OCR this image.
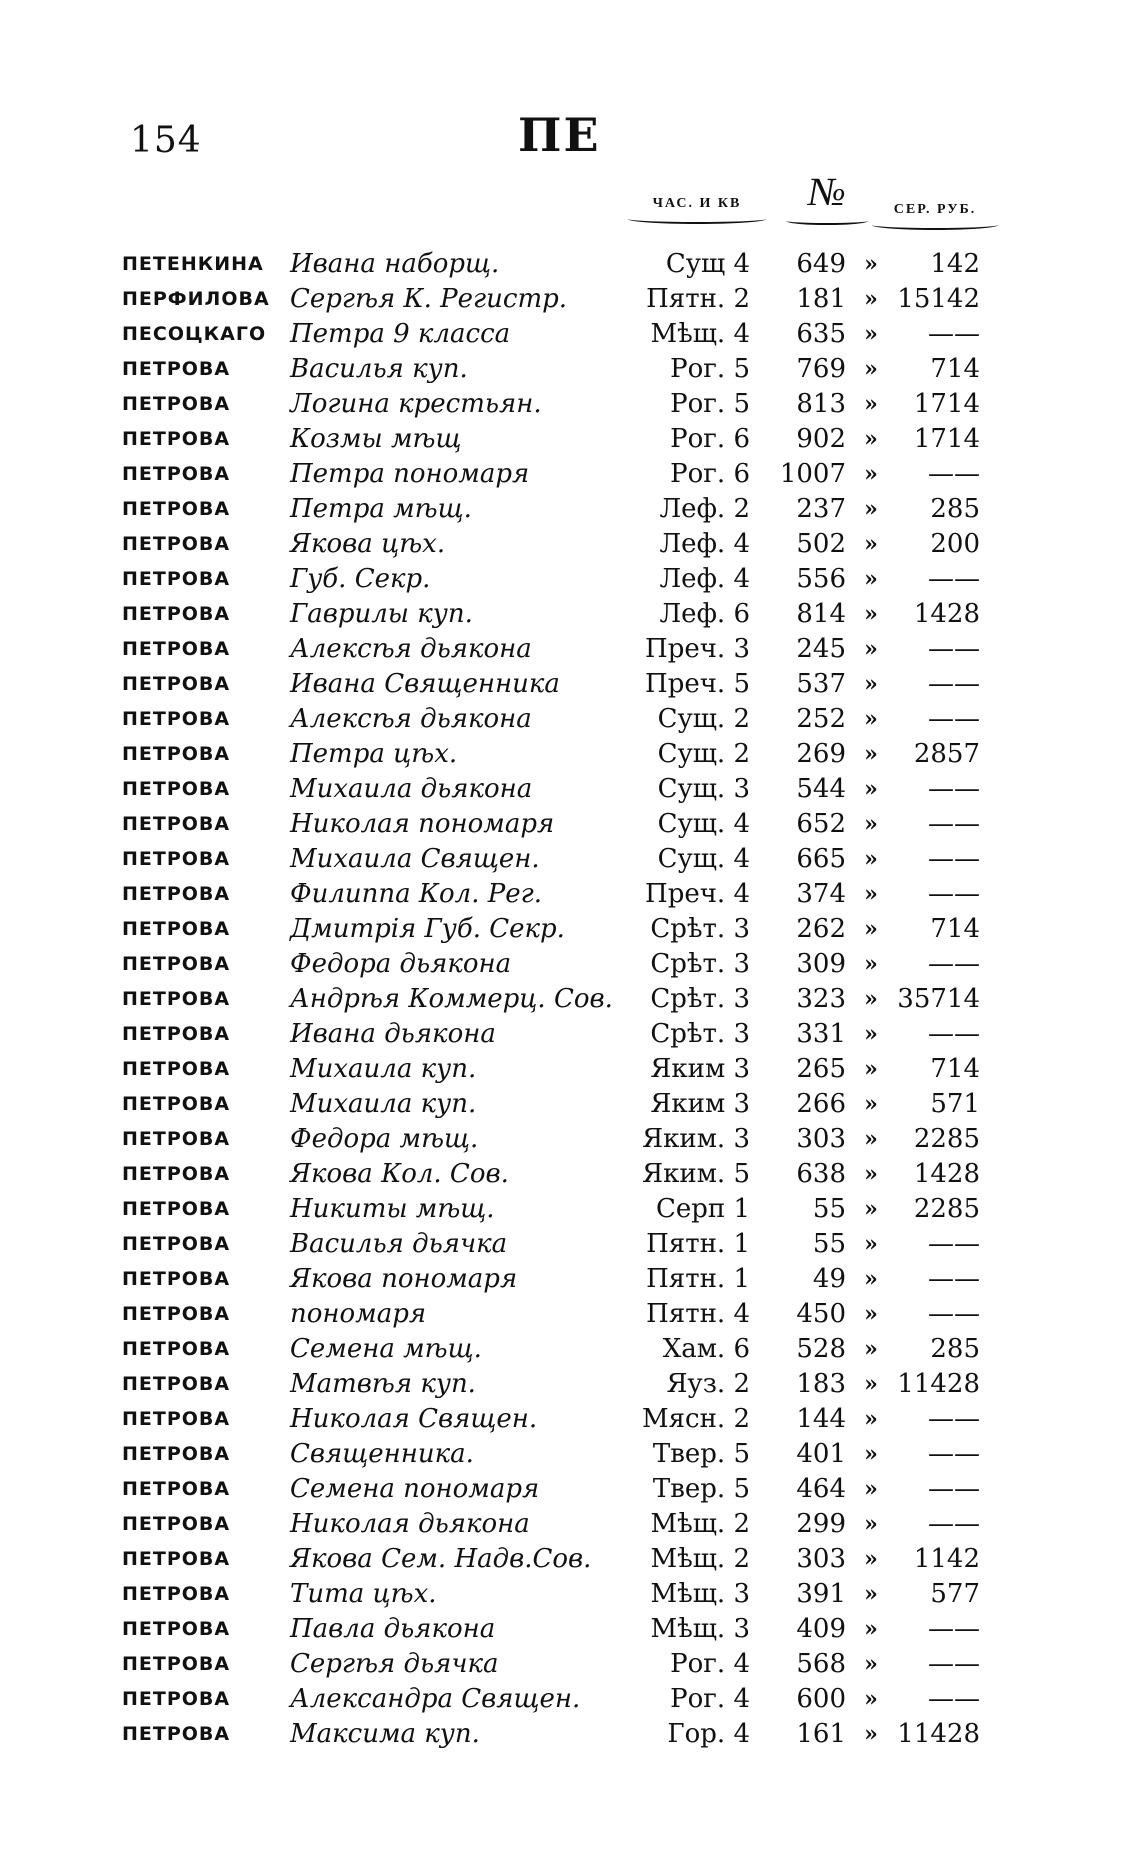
154	ПЕ
ЧАС. И КВ	№	СЕР. РУБ.
ПЕТЕНКИНА Ивана наборщ.	Сущ 4	649 »	142
ПЕРФИЛОВА Сергѣя К. Регистр.	Пятн. 2	181 » 15142
ПЕСОЦКАГО Петра 9 класса	Мѣщ. 4	635 »	——
ПЕТРОВА Василья куп.	Рог. 5	769 »	714
ПЕТРОВА Логина крестьян.	Рог. 5	813 »	1714
ПЕТРОВА Козмы мѣщ	Рог. 6	902 »	1714
ПЕТРОВА Петра пономаря	Рог. 6	1007 »	——
ПЕТРОВА Петра мѣщ.	Леф. 2	237 »	285
ПЕТРОВА Якова цѣх.	Леф. 4	502 »	200
ПЕТРОВА Губ. Секр.	Леф. 4	556 »	——
ПЕТРОВА Гаврилы куп.	Леф. 6	814 »	1428
ПЕТРОВА Алексѣя дьякона	Преч. 3	245 »	——
ПЕТРОВА Ивана Священника	Преч. 5	537 »	——
ПЕТРОВА Алексѣя дьякона	Сущ. 2	252 »	——
ПЕТРОВА Петра цѣх.	Сущ. 2	269 »	2857
ПЕТРОВА Михаила дьякона	Сущ. 3	544 »	——
ПЕТРОВА Николая пономаря	Сущ. 4	652 »	——
ПЕТРОВА Михаила Священ.	Сущ. 4	665 »	——
ПЕТРОВА Филиппа Кол. Рег.	Преч. 4	374 »	——
ПЕТРОВА Дмитрія Губ. Секр.	Срѣт. 3	262 »	714
ПЕТРОВА Федора дьякона	Срѣт. 3	309 »	——
ПЕТРОВА Андрѣя Коммерц. Сов.	Срѣт. 3	323 » 35714
ПЕТРОВА Ивана дьякона	Срѣт. 3	331 »	——
ПЕТРОВА Михаила куп.	Яким 3	265 »	714
ПЕТРОВА Михаила куп.	Яким 3	266 »	571
ПЕТРОВА Федора мѣщ.	Яким. 3	303 »	2285
ПЕТРОВА Якова Кол. Сов.	Яким. 5	638 »	1428
ПЕТРОВА Никиты мѣщ.	Серп 1	55 »	2285
ПЕТРОВА Василья дьячка	Пятн. 1	55 »	——
ПЕТРОВА Якова пономаря	Пятн. 1	49 »	——
ПЕТРОВА пономаря	Пятн. 4	450 »	——
ПЕТРОВА Семена мѣщ.	Хам. 6	528 »	285
ПЕТРОВА Матвѣя куп.	Яуз. 2	183 » 11428
ПЕТРОВА Николая Священ.	Мясн. 2	144 »	——
ПЕТРОВА Священника.	Твер. 5	401 »	——
ПЕТРОВА Семена пономаря	Твер. 5	464 »	——
ПЕТРОВА Николая дьякона	Мѣщ. 2	299 »	——
ПЕТРОВА Якова Сем. Надв.Сов.	Мѣщ. 2	303 »	1142
ПЕТРОВА Тита цѣх.	Мѣщ. 3	391 »	577
ПЕТРОВА Павла дьякона	Мѣщ. 3	409 »	——
ПЕТРОВА Сергѣя дьячка	Рог. 4	568 »	——
ПЕТРОВА Александра Священ.	Рог. 4	600 »	——
ПЕТРОВА Максима куп.	Гор. 4	161 » 11428
